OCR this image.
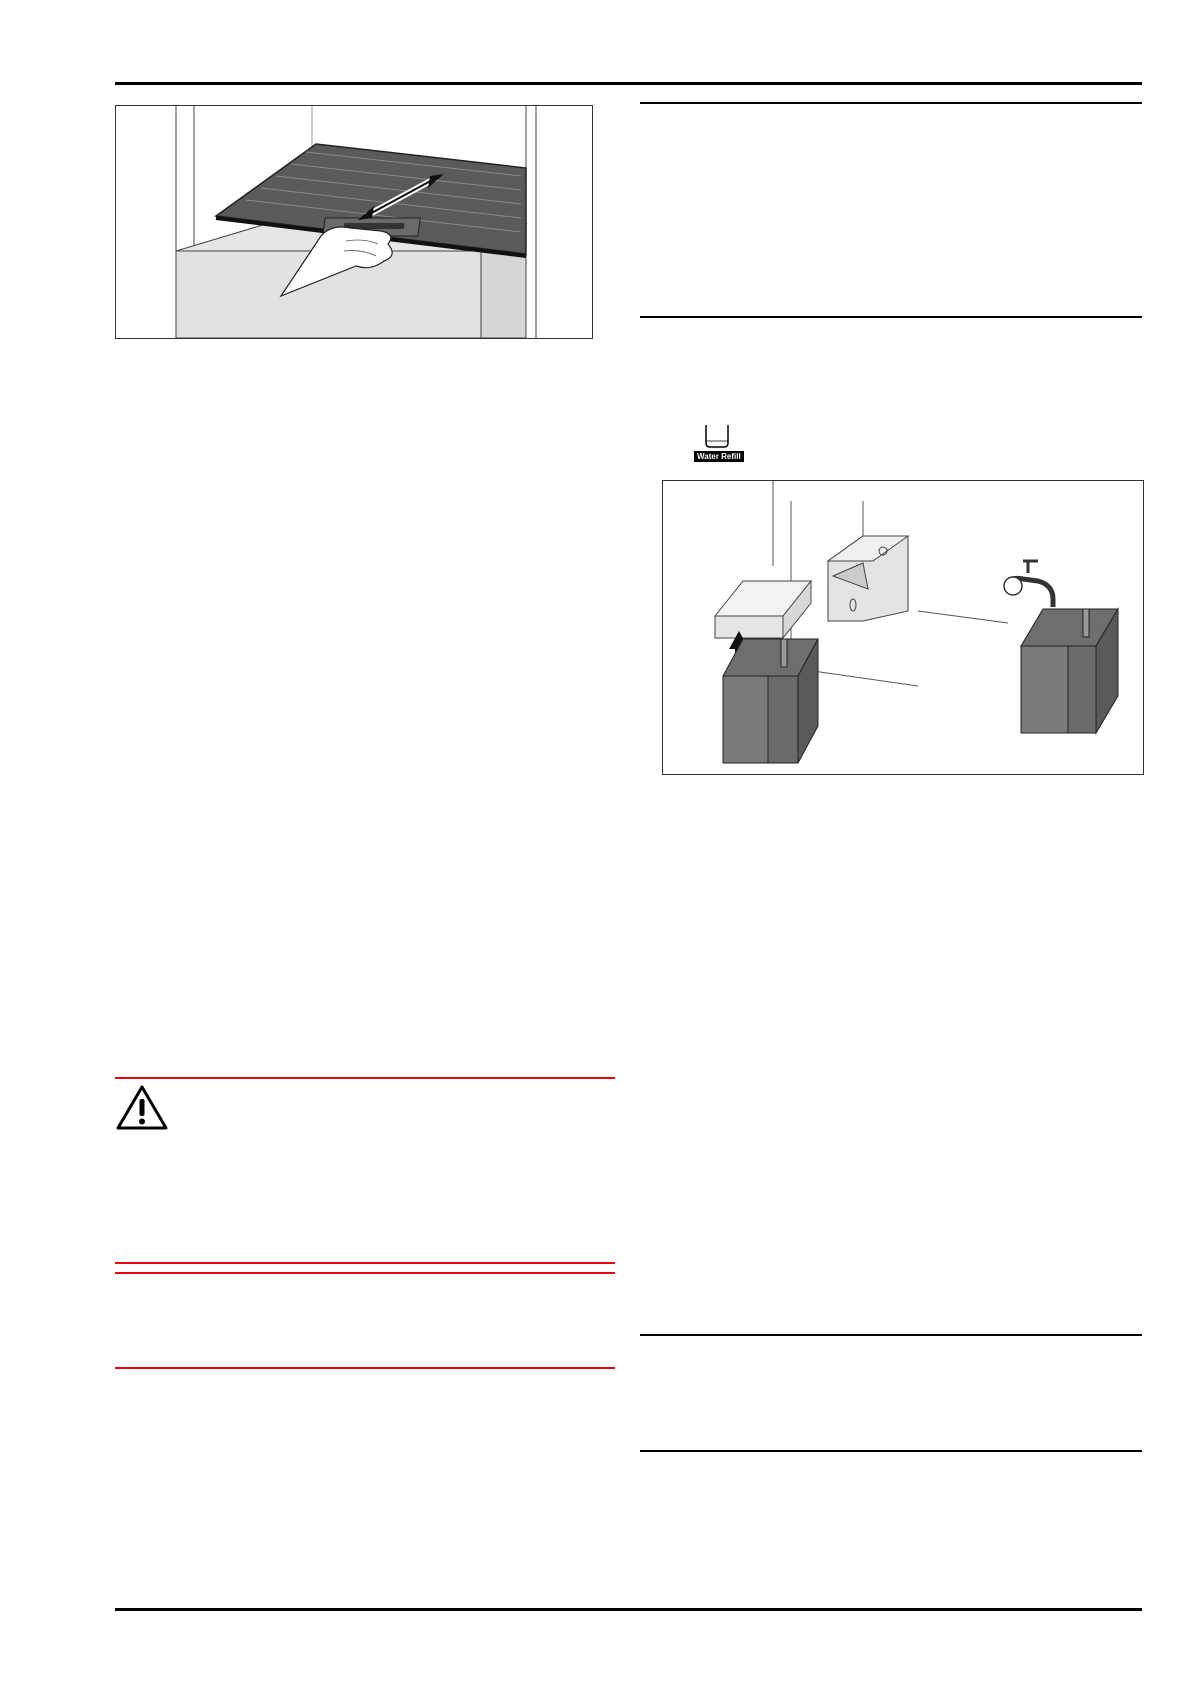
Water Refill
